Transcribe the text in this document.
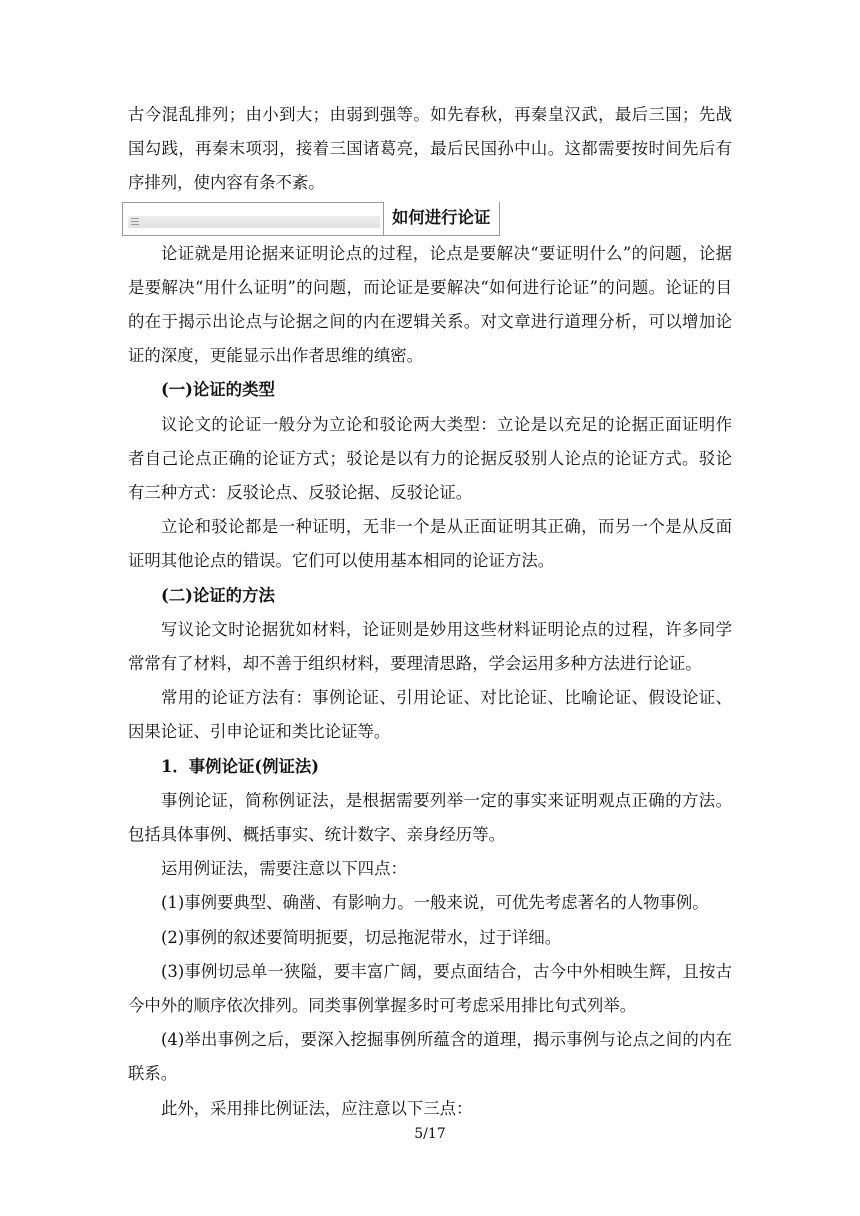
古今混乱排列；由小到大；由弱到强等。如先春秋，再秦皇汉武，最后三国；先战国勾践，再秦末项羽，接着三国诸葛亮，最后民国孙中山。这都需要按时间先后有序排列，使内容有条不紊。

如何进行论证

论证就是用论据来证明论点的过程，论点是要解决“要证明什么”的问题，论据是要解决“用什么证明”的问题，而论证是要解决“如何进行论证”的问题。论证的目的在于揭示出论点与论据之间的内在逻辑关系。对文章进行道理分析，可以增加论证的深度，更能显示出作者思维的缜密。

(一)论证的类型

议论文的论证一般分为立论和驳论两大类型：立论是以充足的论据正面证明作者自己论点正确的论证方式；驳论是以有力的论据反驳别人论点的论证方式。驳论有三种方式：反驳论点、反驳论据、反驳论证。

立论和驳论都是一种证明，无非一个是从正面证明其正确，而另一个是从反面证明其他论点的错误。它们可以使用基本相同的论证方法。

(二)论证的方法

写议论文时论据犹如材料，论证则是妙用这些材料证明论点的过程，许多同学常常有了材料，却不善于组织材料，要理清思路，学会运用多种方法进行论证。

常用的论证方法有：事例论证、引用论证、对比论证、比喻论证、假设论证、因果论证、引申论证和类比论证等。

1．事例论证(例证法)

事例论证，简称例证法，是根据需要列举一定的事实来证明观点正确的方法。包括具体事例、概括事实、统计数字、亲身经历等。

运用例证法，需要注意以下四点：

(1)事例要典型、确凿、有影响力。一般来说，可优先考虑著名的人物事例。

(2)事例的叙述要简明扼要，切忌拖泥带水，过于详细。

(3)事例切忌单一狭隘，要丰富广阔，要点面结合，古今中外相映生辉，且按古今中外的顺序依次排列。同类事例掌握多时可考虑采用排比句式列举。

(4)举出事例之后，要深入挖掘事例所蕴含的道理，揭示事例与论点之间的内在联系。

此外，采用排比例证法，应注意以下三点：

5/17
